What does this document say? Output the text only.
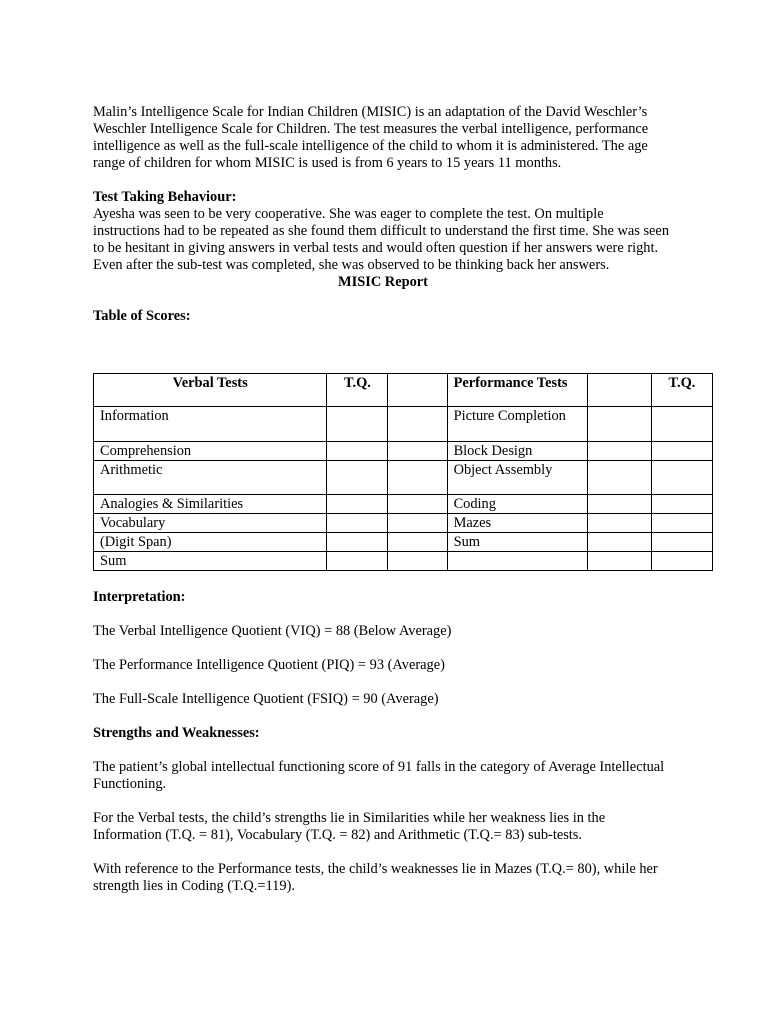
Malin’s Intelligence Scale for Indian Children (MISIC) is an adaptation of the David Weschler’s Weschler Intelligence Scale for Children. The test measures the verbal intelligence, performance intelligence as well as the full-scale intelligence of the child to whom it is administered. The age range of children for whom MISIC is used is from 6 years to 15 years 11 months.

Test Taking Behaviour:

Ayesha was seen to be very cooperative. She was eager to complete the test. On multiple instructions had to be repeated as she found them difficult to understand the first time. She was seen to be hesitant in giving answers in verbal tests and would often question if her answers were right. Even after the sub-test was completed, she was observed to be thinking back her answers.

MISIC Report

Table of Scores:

Verbal Tests	T.Q.		Performance Tests		T.Q.
Information			Picture Completion		
Comprehension			Block Design		
Arithmetic			Object Assembly		
Analogies & Similarities			Coding		
Vocabulary			Mazes		
(Digit Span)			Sum		
Sum					

Interpretation:

The Verbal Intelligence Quotient (VIQ) = 88 (Below Average)

The Performance Intelligence Quotient (PIQ) = 93 (Average)

The Full-Scale Intelligence Quotient (FSIQ) = 90 (Average)

Strengths and Weaknesses:

The patient’s global intellectual functioning score of 91 falls in the category of Average Intellectual Functioning.

For the Verbal tests, the child’s strengths lie in Similarities while her weakness lies in the Information (T.Q. = 81), Vocabulary (T.Q. = 82) and Arithmetic (T.Q.= 83) sub-tests.

With reference to the Performance tests, the child’s weaknesses lie in Mazes (T.Q.= 80), while her strength lies in Coding (T.Q.=119).
